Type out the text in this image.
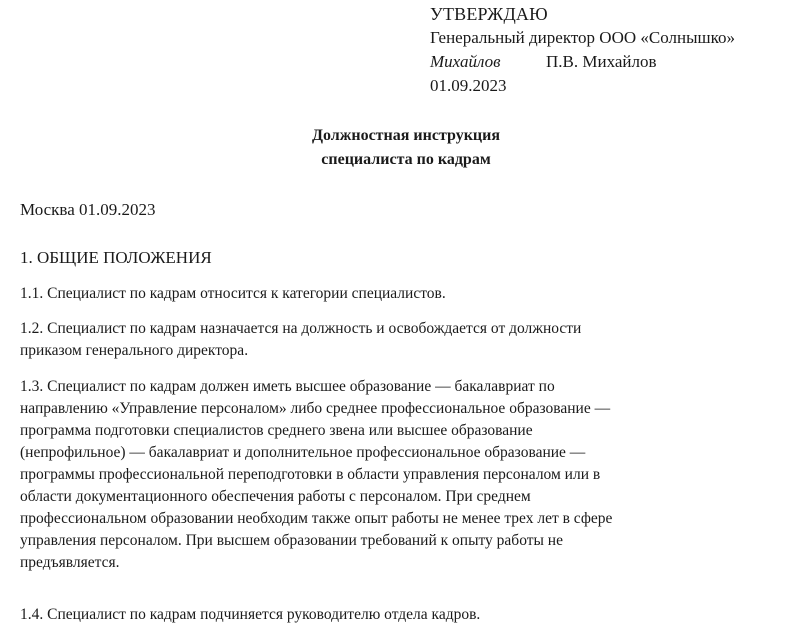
УТВЕРЖДАЮ
Генеральный директор ООО «Солнышко»
Михайлов	П.В. Михайлов
01.09.2023
Должностная инструкция
специалиста по кадрам
Москва 01.09.2023
1. ОБЩИЕ ПОЛОЖЕНИЯ
1.1. Специалист по кадрам относится к категории специалистов.
1.2. Специалист по кадрам назначается на должность и освобождается от должности
приказом генерального директора.
1.3. Специалист по кадрам должен иметь высшее образование — бакалавриат по
направлению «Управление персоналом» либо среднее профессиональное образование —
программа подготовки специалистов среднего звена или высшее образование
(непрофильное) — бакалавриат и дополнительное профессиональное образование —
программы профессиональной переподготовки в области управления персоналом или в
области документационного обеспечения работы с персоналом. При среднем
профессиональном образовании необходим также опыт работы не менее трех лет в сфере
управления персоналом. При высшем образовании требований к опыту работы не
предъявляется.
1.4. Специалист по кадрам подчиняется руководителю отдела кадров.
